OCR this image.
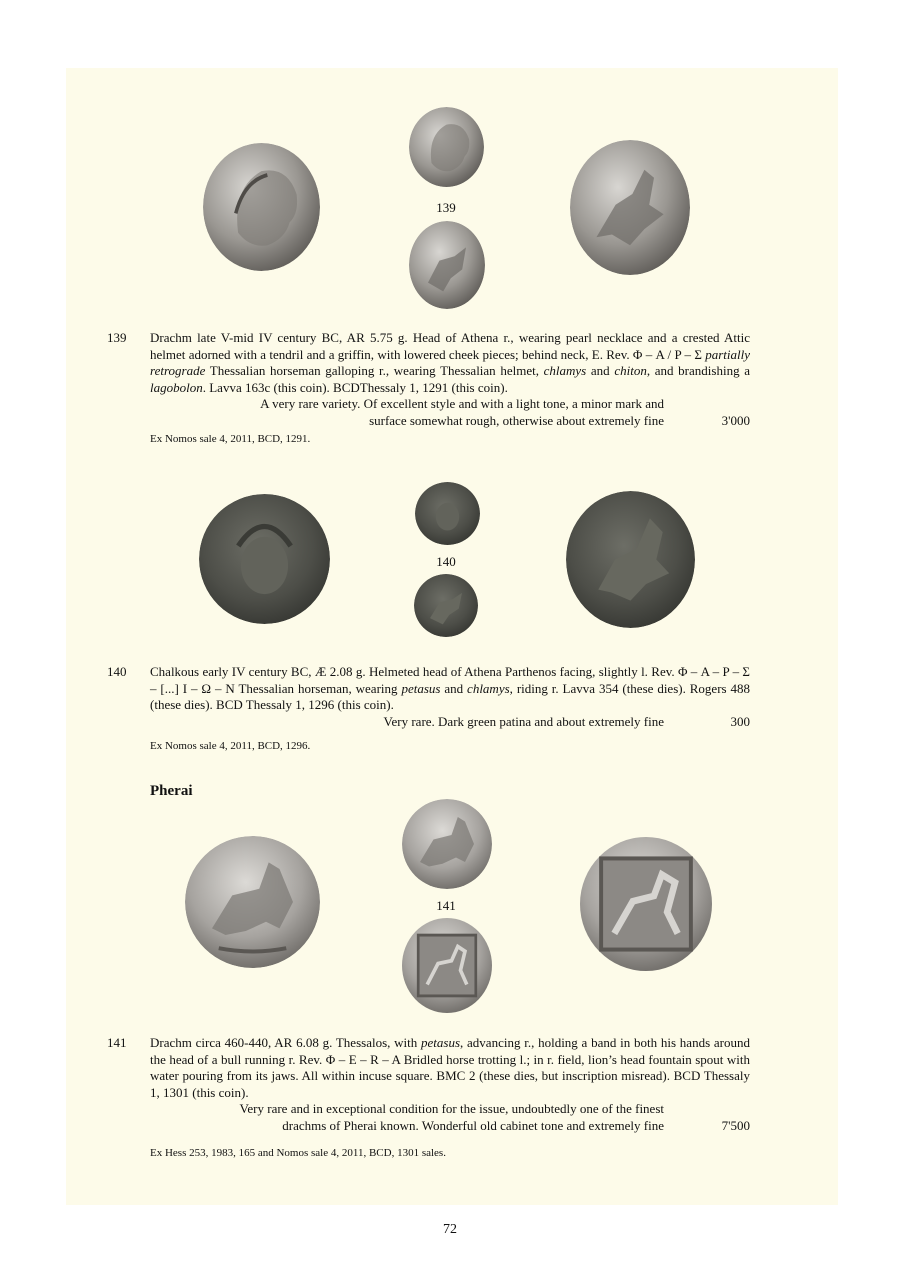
139
139 Drachm late V-mid IV century BC, AR 5.75 g. Head of Athena r., wearing pearl necklace and a crested Attic helmet adorned with a tendril and a griffin, with lowered cheek pieces; behind neck, E. Rev. Φ – A / P – Σ partially retrograde Thessalian horseman galloping r., wearing Thessalian helmet, chlamys and chiton, and brandishing a lagobolon. Lavva 163c (this coin). BCDThessaly 1, 1291 (this coin).
A very rare variety. Of excellent style and with a light tone, a minor mark and
surface somewhat rough, otherwise about extremely fine	3'000
Ex Nomos sale 4, 2011, BCD, 1291.
140
140 Chalkous early IV century BC, Æ 2.08 g. Helmeted head of Athena Parthenos facing, slightly l. Rev. Φ – A – P – Σ – [...] I – Ω – N Thessalian horseman, wearing petasus and chlamys, riding r. Lavva 354 (these dies). Rogers 488 (these dies). BCD Thessaly 1, 1296 (this coin).
Very rare. Dark green patina and about extremely fine	300
Ex Nomos sale 4, 2011, BCD, 1296.
Pherai
141
141 Drachm circa 460-440, AR 6.08 g. Thessalos, with petasus, advancing r., holding a band in both his hands around the head of a bull running r. Rev. Φ – E – R – A Bridled horse trotting l.; in r. field, lion’s head fountain spout with water pouring from its jaws. All within incuse square. BMC 2 (these dies, but inscription misread). BCD Thessaly 1, 1301 (this coin).
Very rare and in exceptional condition for the issue, undoubtedly one of the finest
drachms of Pherai known. Wonderful old cabinet tone and extremely fine	7'500
Ex Hess 253, 1983, 165 and Nomos sale 4, 2011, BCD, 1301 sales.
72
